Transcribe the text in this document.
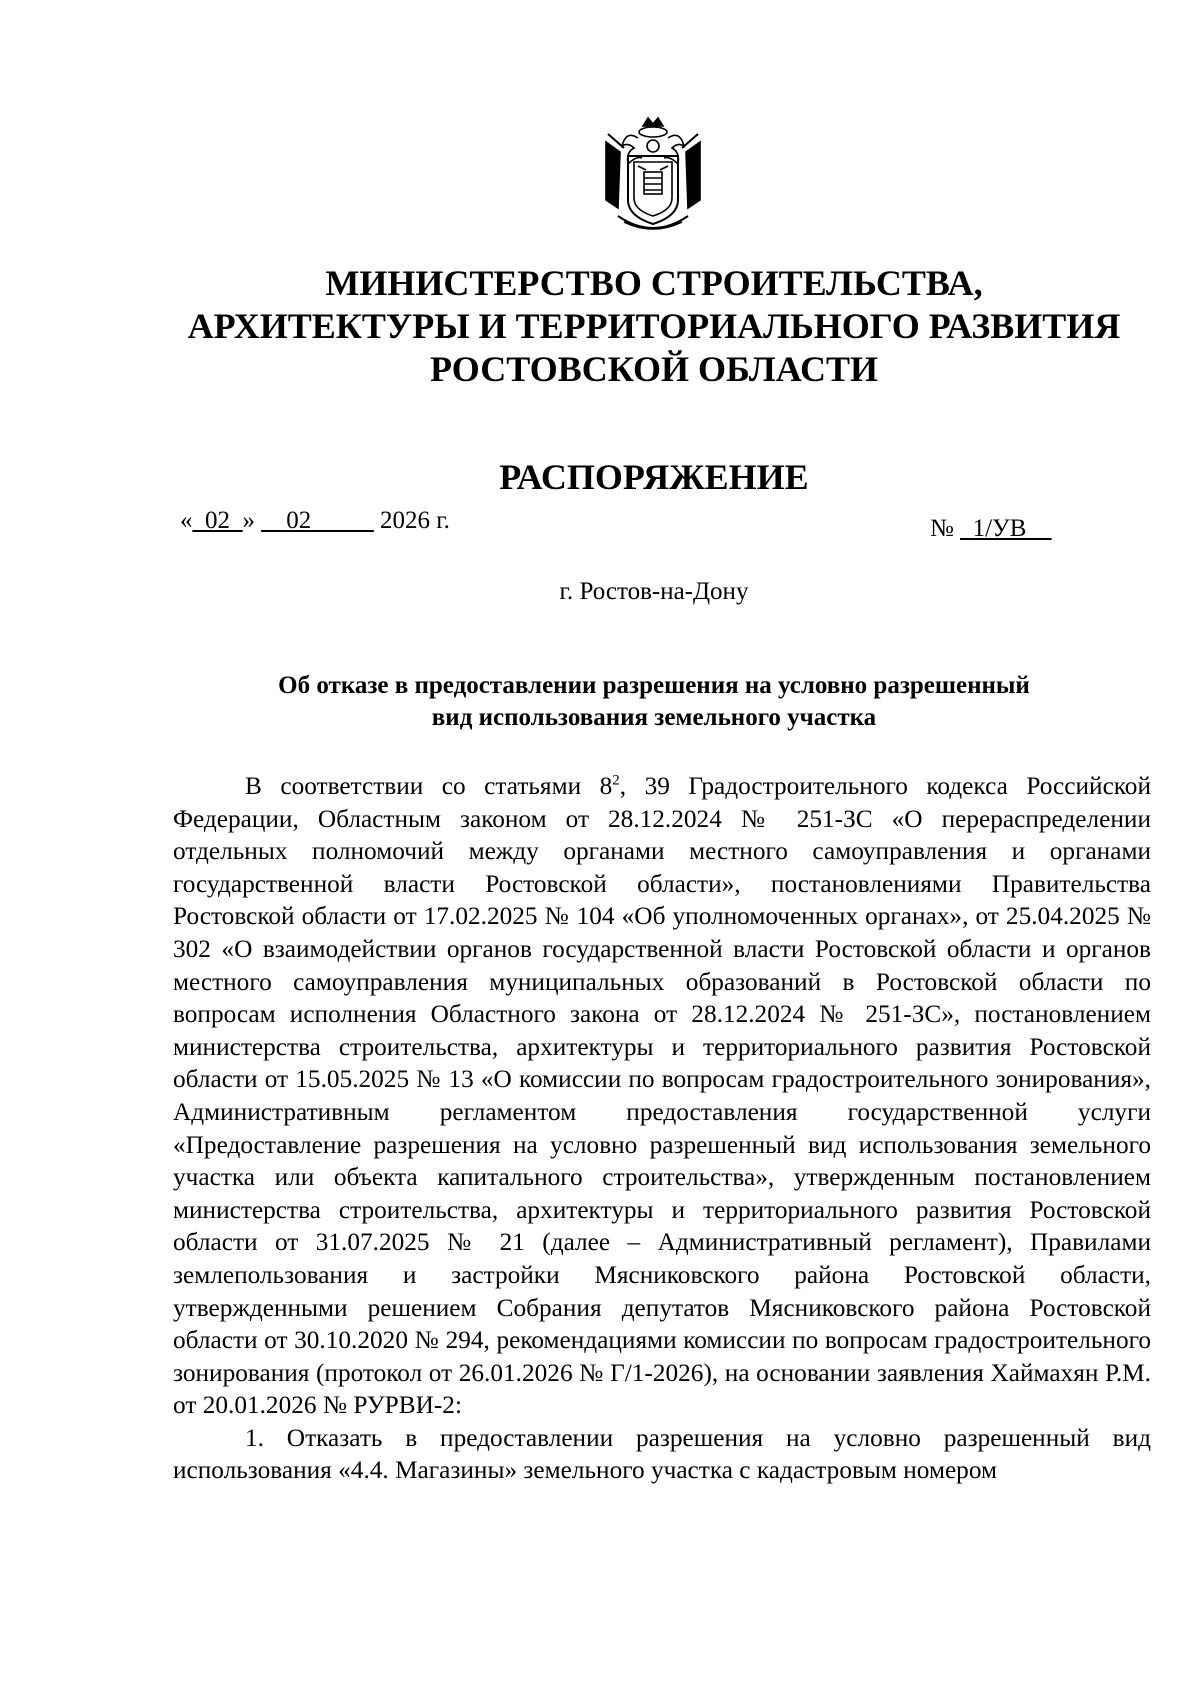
МИНИСТЕРСТВО СТРОИТЕЛЬСТВА,
АРХИТЕКТУРЫ И ТЕРРИТОРИАЛЬНОГО РАЗВИТИЯ
РОСТОВСКОЙ ОБЛАСТИ
РАСПОРЯЖЕНИЕ
«_02_» __02_____ 2026 г.	№ _1/УВ__
г. Ростов-на-Дону
Об отказе в предоставлении разрешения на условно разрешенный
вид использования земельного участка

В соответствии со статьями $8^2$, 39 Градостроительного кодекса Российской Федерации, Областным законом от 28.12.2024 № 251-ЗС «О перераспределении отдельных полномочий между органами местного самоуправления и органами государственной власти Ростовской области», постановлениями Правительства Ростовской области от 17.02.2025 № 104 «Об уполномоченных органах», от 25.04.2025 № 302 «О взаимодействии органов государственной власти Ростовской области и органов местного самоуправления муниципальных образований в Ростовской области по вопросам исполнения Областного закона от 28.12.2024 № 251-ЗС», постановлением министерства строительства, архитектуры и территориального развития Ростовской области от 15.05.2025 № 13 «О комиссии по вопросам градостроительного зонирования», Административным регламентом предоставления государственной услуги «Предоставление разрешения на условно разрешенный вид использования земельного участка или объекта капитального строительства», утвержденным постановлением министерства строительства, архитектуры и территориального развития Ростовской области от 31.07.2025 № 21 (далее – Административный регламент), Правилами землепользования и застройки Мясниковского района Ростовской области, утвержденными решением Собрания депутатов Мясниковского района Ростовской области от 30.10.2020 № 294, рекомендациями комиссии по вопросам градостроительного зонирования (протокол от 26.01.2026 № Г/1-2026), на основании заявления Хаймахян Р.М. от 20.01.2026 № РУРВИ-2:

1. Отказать в предоставлении разрешения на условно разрешенный вид использования «4.4. Магазины» земельного участка с кадастровым номером
